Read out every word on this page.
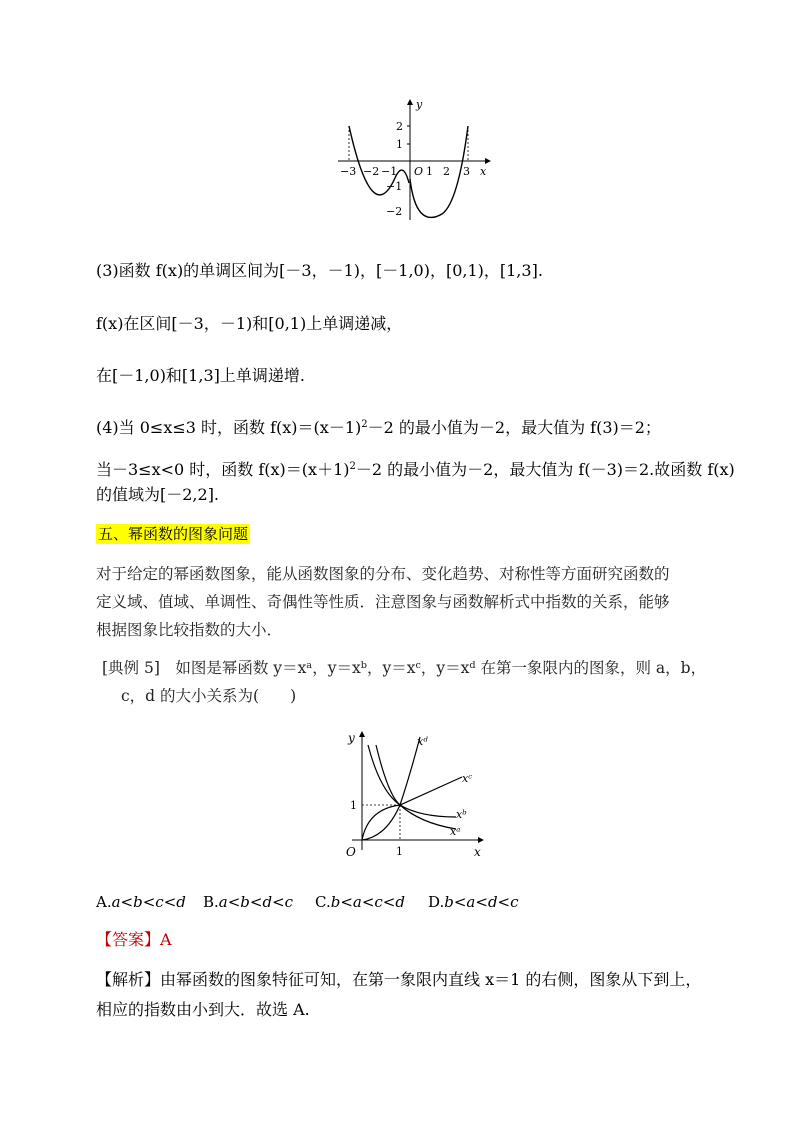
y
x
2
1
−1
−2
−3 −2 −1 O 1 2 3
(3)函数 f(x)的单调区间为[－3，－1)，[－1,0)，[0,1)，[1,3].
f(x)在区间[－3，－1)和[0,1)上单调递减，
在[－1,0)和[1,3]上单调递增.
(4)当 0≤x≤3 时，函数 $f(x)=(x-1)^2-2$ 的最小值为－2，最大值为 f(3)＝2；
当－3≤x<0 时，函数 $f(x)=(x+1)^2-2$ 的最小值为－2，最大值为 f(－3)＝2.故函数 f(x)
的值域为[－2,2].
五、幂函数的图象问题
对于给定的幂函数图象，能从函数图象的分布、变化趋势、对称性等方面研究函数的
定义域、值域、单调性、奇偶性等性质．注意图象与函数解析式中指数的关系，能够
根据图象比较指数的大小．
[典例 5]　如图是幂函数 y＝xᵃ，y＝xᵇ，y＝xᶜ，y＝xᵈ 在第一象限内的图象，则 a，b，
c，d 的大小关系为(　　)
y
x
O	1
1
xᵈ
xᶜ
xᵇ
xᵃ
A.a<b<c<d B.a<b<d<c C.b<a<c<d D.b<a<d<c
【答案】A
【解析】由幂函数的图象特征可知，在第一象限内直线 x＝1 的右侧，图象从下到上，
相应的指数由小到大．故选 A.
